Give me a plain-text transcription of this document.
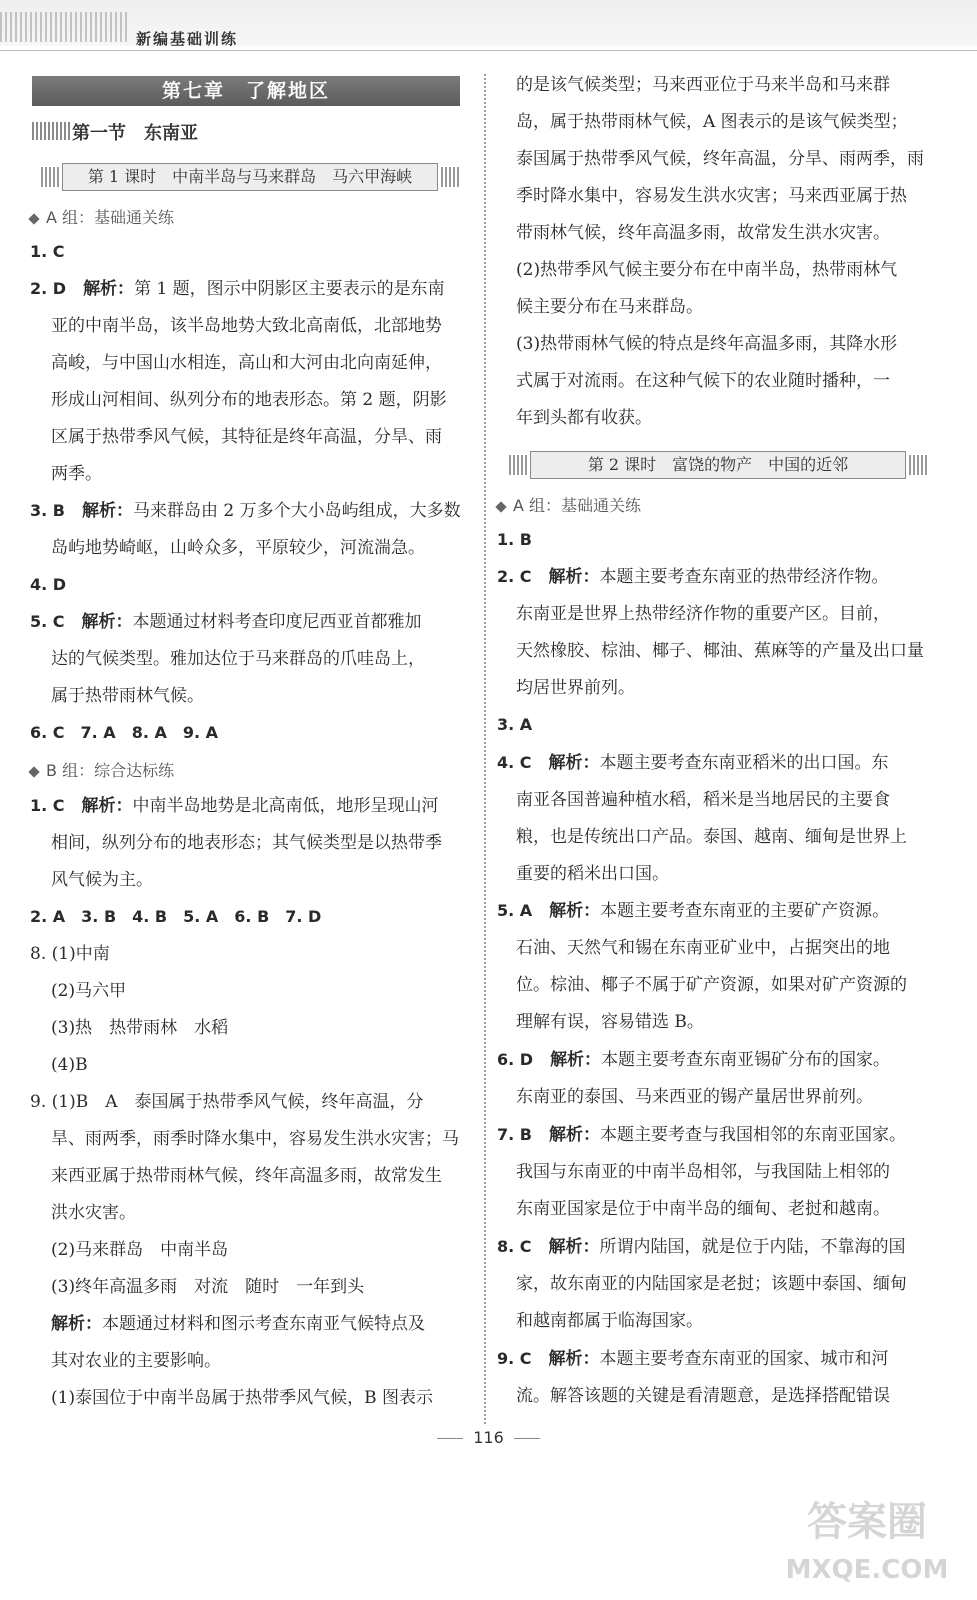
新编基础训练
第七章　了解地区
第一节　东南亚
第 1 课时　中南半岛与马来群岛　马六甲海峡
A 组：基础通关练
1. C
2. D　 解析：第 1 题，图示中阴影区主要表示的是东南
亚的中南半岛，该半岛地势大致北高南低，北部地势
高峻，与中国山水相连，高山和大河由北向南延伸，
形成山河相间、纵列分布的地表形态。第 2 题，阴影
区属于热带季风气候，其特征是终年高温，分旱、雨
两季。
3. B　 解析：马来群岛由 2 万多个大小岛屿组成，大多数
岛屿地势崎岖，山岭众多，平原较少，河流湍急。
4. D
5. C　 解析：本题通过材料考查印度尼西亚首都雅加
达的气候类型。雅加达位于马来群岛的爪哇岛上，
属于热带雨林气候。
6. C　7. A　8. A　9. A
B 组：综合达标练
1. C　 解析：中南半岛地势是北高南低，地形呈现山河
相间，纵列分布的地表形态；其气候类型是以热带季
风气候为主。
2. A　3. B　4. B　5. A　6. B　7. D
8. (1)中南
(2)马六甲
(3)热　热带雨林　水稻
(4)B
9. (1)B　A　泰国属于热带季风气候，终年高温，分
旱、雨两季，雨季时降水集中，容易发生洪水灾害；马
来西亚属于热带雨林气候，终年高温多雨，故常发生
洪水灾害。
(2)马来群岛　中南半岛
(3)终年高温多雨　对流　随时　一年到头
解析：本题通过材料和图示考查东南亚气候特点及
其对农业的主要影响。
(1)泰国位于中南半岛属于热带季风气候，B 图表示
的是该气候类型；马来西亚位于马来半岛和马来群
岛，属于热带雨林气候，A 图表示的是该气候类型；
泰国属于热带季风气候，终年高温，分旱、雨两季，雨
季时降水集中，容易发生洪水灾害；马来西亚属于热
带雨林气候，终年高温多雨，故常发生洪水灾害。
(2)热带季风气候主要分布在中南半岛，热带雨林气
候主要分布在马来群岛。
(3)热带雨林气候的特点是终年高温多雨，其降水形
式属于对流雨。在这种气候下的农业随时播种，一
年到头都有收获。
第 2 课时　富饶的物产　中国的近邻
A 组：基础通关练
1. B
2. C　 解析：本题主要考查东南亚的热带经济作物。
东南亚是世界上热带经济作物的重要产区。目前，
天然橡胶、棕油、椰子、椰油、蕉麻等的产量及出口量
均居世界前列。
3. A
4. C　 解析：本题主要考查东南亚稻米的出口国。东
南亚各国普遍种植水稻，稻米是当地居民的主要食
粮，也是传统出口产品。泰国、越南、缅甸是世界上
重要的稻米出口国。
5. A　 解析：本题主要考查东南亚的主要矿产资源。
石油、天然气和锡在东南亚矿业中，占据突出的地
位。棕油、椰子不属于矿产资源，如果对矿产资源的
理解有误，容易错选 B。
6. D　 解析：本题主要考查东南亚锡矿分布的国家。
东南亚的泰国、马来西亚的锡产量居世界前列。
7. B　 解析：本题主要考查与我国相邻的东南亚国家。
我国与东南亚的中南半岛相邻，与我国陆上相邻的
东南亚国家是位于中南半岛的缅甸、老挝和越南。
8. C　 解析：所谓内陆国，就是位于内陆，不靠海的国
家，故东南亚的内陆国家是老挝；该题中泰国、缅甸
和越南都属于临海国家。
9. C　 解析：本题主要考查东南亚的国家、城市和河
流。解答该题的关键是看清题意，是选择搭配错误
116
答案圈
MXQE.COM
